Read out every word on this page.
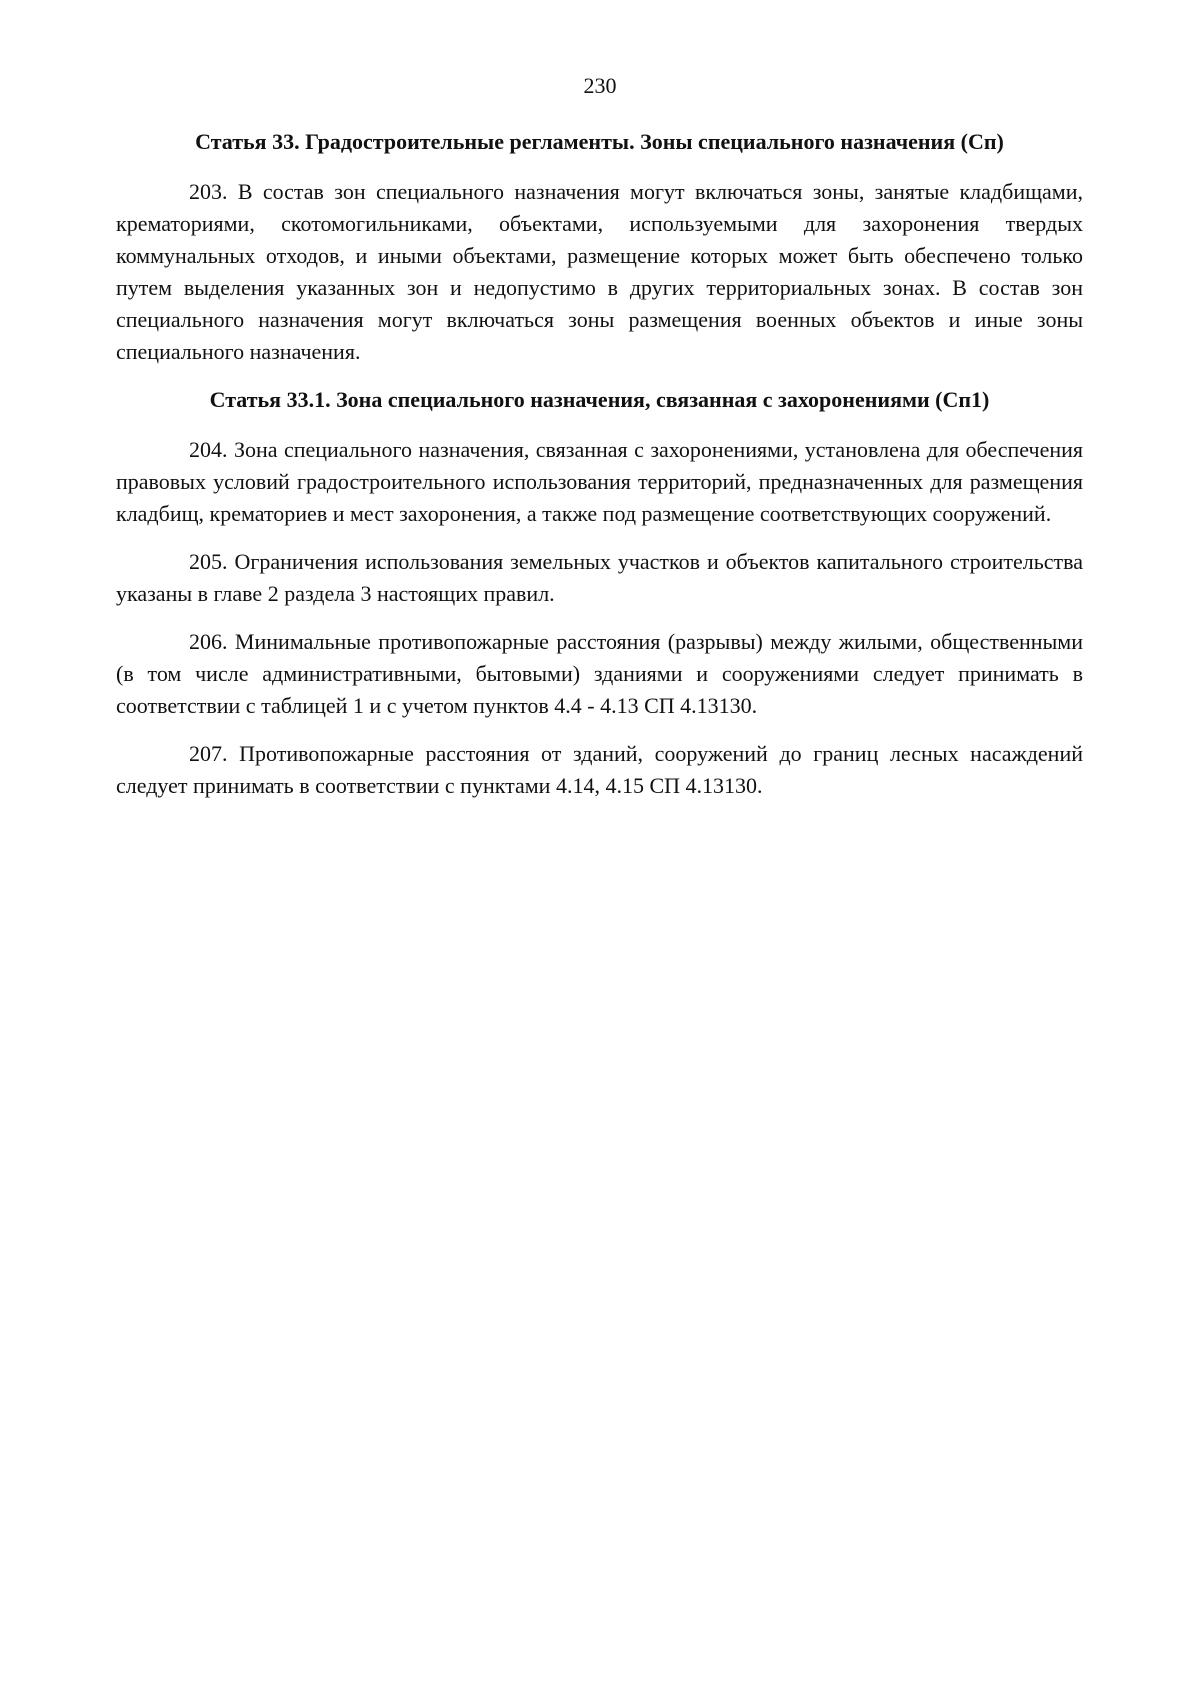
230
Статья 33. Градостроительные регламенты. Зоны специального назначения (Сп)

203. В состав зон специального назначения могут включаться зоны, занятые кладбищами, крематориями, скотомогильниками, объектами, используемыми для захоронения твердых коммунальных отходов, и иными объектами, размещение которых может быть обеспечено только путем выделения указанных зон и недопустимо в других территориальных зонах. В состав зон специального назначения могут включаться зоны размещения военных объектов и иные зоны специального назначения.

Статья 33.1. Зона специального назначения, связанная с захоронениями (Сп1)

204. Зона специального назначения, связанная с захоронениями, установлена для обеспечения правовых условий градостроительного использования территорий, предназначенных для размещения кладбищ, крематориев и мест захоронения, а также под размещение соответствующих сооружений.

205. Ограничения использования земельных участков и объектов капитального строительства указаны в главе 2 раздела 3 настоящих правил.

206. Минимальные противопожарные расстояния (разрывы) между жилыми, общественными (в том числе административными, бытовыми) зданиями и сооружениями следует принимать в соответствии с таблицей 1 и с учетом пунктов 4.4 - 4.13 СП 4.13130.

207. Противопожарные расстояния от зданий, сооружений до границ лесных насаждений следует принимать в соответствии с пунктами 4.14, 4.15 СП 4.13130.
